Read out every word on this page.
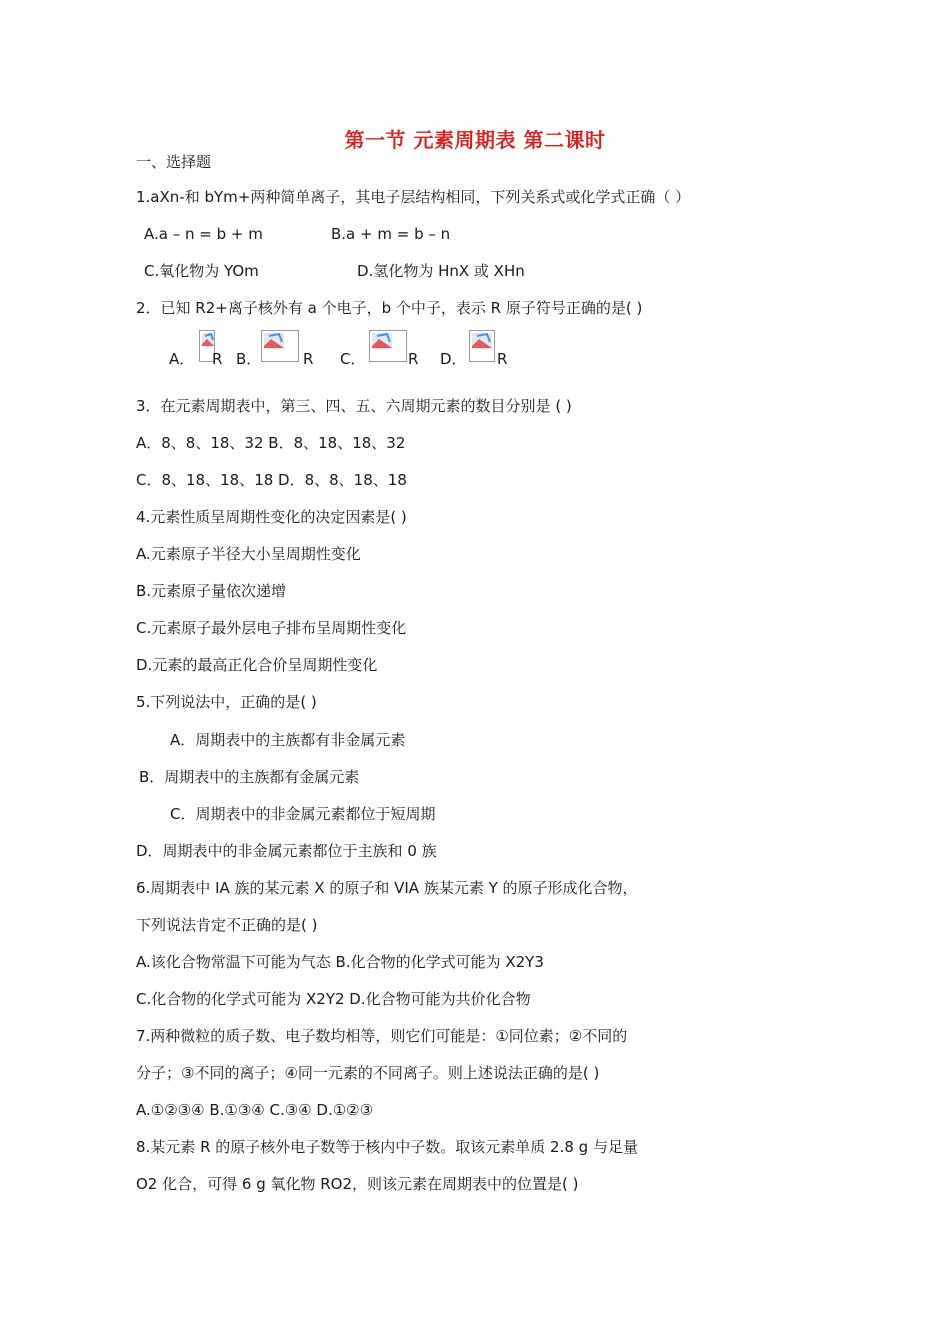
第一节 元素周期表 第二课时
一、选择题
1.aXn-和 bYm+两种简单离子，其电子层结构相同，下列关系式或化学式正确（ ）
A.a – n = b + m	B.a + m = b – n
C.氧化物为 YOm	D.氢化物为 HnX 或 XHn
2．已知 R2+离子核外有 a 个电子，b 个中子，表示 R 原子符号正确的是( )
A． R B．	R C．	R D． R
3．在元素周期表中，第三、四、五、六周期元素的数目分别是 ( )
A．8、8、18、32 B．8、18、18、32
C．8、18、18、18 D．8、8、18、18
4.元素性质呈周期性变化的决定因素是( )
A.元素原子半径大小呈周期性变化
B.元素原子量依次递增
C.元素原子最外层电子排布呈周期性变化
D.元素的最高正化合价呈周期性变化
5.下列说法中，正确的是( )
A．周期表中的主族都有非金属元素
B．周期表中的主族都有金属元素
C．周期表中的非金属元素都位于短周期
D．周期表中的非金属元素都位于主族和 0 族
6.周期表中 IA 族的某元素 X 的原子和 VIA 族某元素 Y 的原子形成化合物，
下列说法肯定不正确的是( )
A.该化合物常温下可能为气态 B.化合物的化学式可能为 X2Y3
C.化合物的化学式可能为 X2Y2 D.化合物可能为共价化合物
7.两种微粒的质子数、电子数均相等，则它们可能是：①同位素；②不同的
分子；③不同的离子；④同一元素的不同离子。则上述说法正确的是( )
A.①②③④ B.①③④ C.③④ D.①②③
8.某元素 R 的原子核外电子数等于核内中子数。取该元素单质 2.8 g 与足量
O2 化合，可得 6 g 氧化物 RO2，则该元素在周期表中的位置是( )
